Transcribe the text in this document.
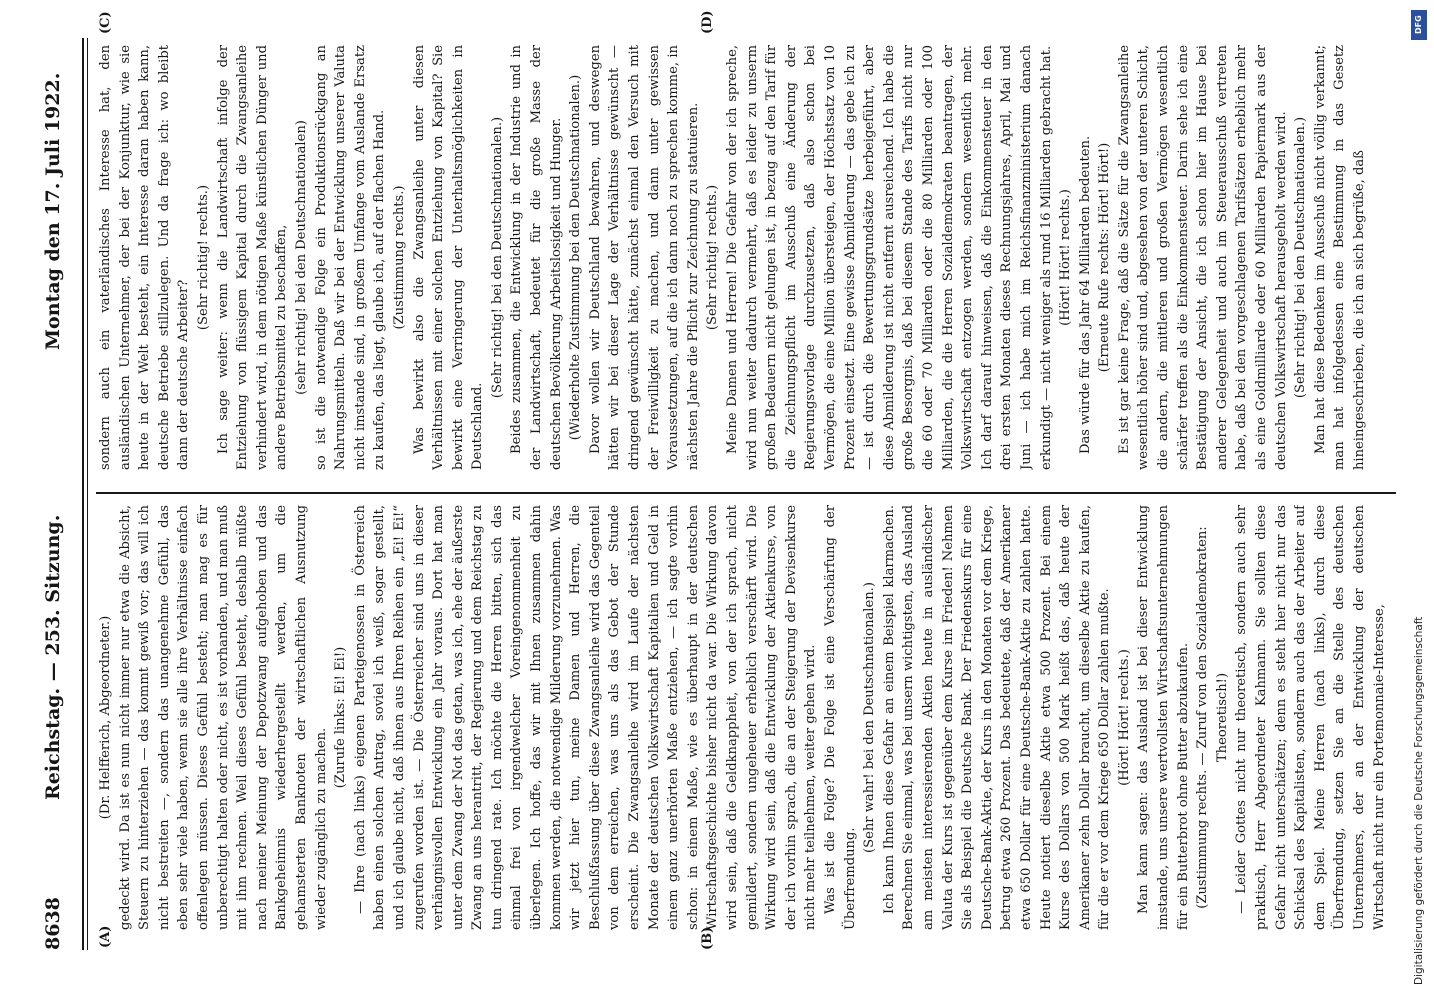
8638
Reichstag. — 253. Sitzung.
Montag den 17. Juli 1922.
(A)	(B)
(C)	(D)

(Dr. Helfferich, Abgeordneter.) gedeckt wird. Da ist es nun nicht immer nur etwa die Absicht, Steuern zu hinterziehen — das kommt gewiß vor; das will ich nicht bestreiten —, sondern das unangenehme Gefühl, das eben sehr viele haben, wenn sie alle ihre Verhältnisse einfach offenlegen müssen. Dieses Gefühl besteht; man mag es für unberechtigt halten oder nicht, es ist vorhanden, und man muß mit ihm rechnen. Weil dieses Gefühl besteht, deshalb müßte nach meiner Meinung der Depotzwang aufgehoben und das Bankgeheimnis wiederhergestellt werden, um die gehamsterten Banknoten der wirtschaftlichen Ausnutzung wieder zugänglich zu machen.

(Zurufe links: Ei! Ei!) — Ihre (nach links) eigenen Parteigenossen in Österreich haben einen solchen Antrag, soviel ich weiß, sogar gestellt, und ich glaube nicht, daß ihnen aus Ihren Reihen ein „Ei! Ei!“ zugerufen worden ist. — Die Österreicher sind uns in dieser verhängnisvollen Entwicklung ein Jahr voraus. Dort hat man unter dem Zwang der Not das getan, was ich, ehe der äußerste Zwang an uns herantritt, der Regierung und dem Reichstag zu tun dringend rate. Ich möchte die Herren bitten, sich das einmal frei von irgendwelcher Voreingenommenheit zu überlegen. Ich hoffe, das wir mit Ihnen zusammen dahin kommen werden, die notwendige Milderung vorzunehmen. Was wir jetzt hier tun, meine Damen und Herren, die Beschlußfassung über diese Zwangsanleihe wird das Gegenteil von dem erreichen, was uns als das Gebot der Stunde erscheint. Die Zwangsanleihe wird im Laufe der nächsten Monate der deutschen Volkswirtschaft Kapitalien und Geld in einem ganz unerhörten Maße entziehen, — ich sagte vorhin schon: in einem Maße, wie es überhaupt in der deutschen Wirtschaftsgeschichte bisher nicht da war. Die Wirkung davon wird sein, daß die Geldknappheit, von der ich sprach, nicht gemildert, sondern ungeheuer erheblich verschärft wird. Die Wirkung wird sein, daß die Entwicklung der Aktienkurse, von der ich vorhin sprach, die an der Steigerung der Devisenkurse nicht mehr teilnehmen, weiter gehen wird. Was ist die Folge? Die Folge ist eine Verschärfung der Überfremdung.

(Sehr wahr! bei den Deutschnationalen.) Ich kann Ihnen diese Gefahr an einem Beispiel klarmachen. Berechnen Sie einmal, was bei unsern wichtigsten, das Ausland am meisten interessierenden Aktien heute in ausländischer Valuta der Kurs ist gegenüber dem Kurse im Frieden! Nehmen Sie als Beispiel die Deutsche Bank. Der Friedenskurs für eine Deutsche-Bank-Aktie, der Kurs in den Monaten vor dem Kriege, betrug etwa 260 Prozent. Das bedeutete, daß der Amerikaner etwa 650 Dollar für eine Deutsche-Bank-Aktie zu zahlen hatte. Heute notiert dieselbe Aktie etwa 500 Prozent. Bei einem Kurse des Dollars von 500 Mark heißt das, daß heute der Amerikaner zehn Dollar braucht, um dieselbe Aktie zu kaufen, für die er vor dem Kriege 650 Dollar zahlen mußte. (Hört! Hört! rechts.) Man kann sagen: das Ausland ist bei dieser Entwicklung imstande, uns unsere wertvollsten Wirtschaftsunternehmungen für ein Butterbrot ohne Butter abzukaufen. (Zustimmung rechts. — Zuruf von den Sozialdemokraten: Theoretisch!) — Leider Gottes nicht nur theoretisch, sondern auch sehr praktisch, Herr Abgeordneter Kahmann. Sie sollten diese Gefahr nicht unterschätzen; denn es steht hier nicht nur das Schicksal des Kapitalisten, sondern auch das der Arbeiter auf dem Spiel. Meine Herren (nach links), durch diese Überfremdung, setzen Sie an die Stelle des deutschen Unternehmers, der an der Entwicklung der deutschen Wirtschaft nicht nur ein Portemonnaie-Interesse,

sondern auch ein vaterländisches Interesse hat, den ausländischen Unternehmer, der bei der Konjunktur, wie sie heute in der Welt besteht, ein Interesse daran haben kann, deutsche Betriebe stillzulegen. Und da frage ich: wo bleibt dann der deutsche Arbeiter?

(Sehr richtig! rechts.) Ich sage weiter: wenn die Landwirtschaft infolge der Entziehung von flüssigem Kapital durch die Zwangsanleihe verhindert wird, in dem nötigen Maße künstlichen Dünger und andere Betriebsmittel zu beschaffen, (sehr richtig! bei den Deutschnationalen) so ist die notwendige Folge ein Produktionsrückgang an Nahrungsmitteln. Daß wir bei der Entwicklung unserer Valuta nicht imstande sind, in großem Umfange vom Auslande Ersatz zu kaufen, das liegt, glaube ich, auf der flachen Hand. (Zustimmung rechts.) Was bewirkt also die Zwangsanleihe unter diesen Verhältnissen mit einer solchen Entziehung von Kapital? Sie bewirkt eine Verringerung der Unterhaltsmöglichkeiten in Deutschland.

(Sehr richtig! bei den Deutschnationalen.) Beides zusammen, die Entwicklung in der Industrie und in der Landwirtschaft, bedeutet für die große Masse der deutschen Bevölkerung Arbeitslosigkeit und Hunger. (Wiederholte Zustimmung bei den Deutschnationalen.) Davor wollen wir Deutschland bewahren, und deswegen hätten wir bei dieser Lage der Verhältnisse gewünscht — dringend gewünscht hätte, zunächst einmal den Versuch mit der Freiwilligkeit zu machen, und dann unter gewissen Voraussetzungen, auf die ich dann noch zu sprechen komme, in nächsten Jahre die Pflicht zur Zeichnung zu statuieren. (Sehr richtig! rechts.) Meine Damen und Herren! Die Gefahr von der ich spreche, wird nun weiter dadurch vermehrt, daß es leider zu unserm großen Bedauern nicht gelungen ist, in bezug auf den Tarif für die Zeichnungspflicht im Ausschuß eine Änderung der Regierungsvorlage durchzusetzen, daß also schon bei Vermögen, die eine Million übersteigen, der Höchstsatz von 10 Prozent einsetzt. Eine gewisse Abmilderung — das gebe ich zu — ist durch die Bewertungsgrundsätze herbeigeführt, aber diese Abmilderung ist nicht entfernt ausreichend. Ich habe die große Besorgnis, daß bei diesem Stande des Tarifs nicht nur die 60 oder 70 Milliarden oder die 80 Milliarden oder 100 Milliarden, die die Herren Sozialdemokraten beantragen, der Volkswirtschaft entzogen werden, sondern wesentlich mehr. Ich darf darauf hinweisen, daß die Einkommensteuer in den drei ersten Monaten dieses Rechnungsjahres, April, Mai und Juni — ich habe mich im Reichsfinanzministerium danach erkundigt — nicht weniger als rund 16 Milliarden gebracht hat. (Hört! Hört! rechts.) Das würde für das Jahr 64 Milliarden bedeuten. (Erneute Rufe rechts: Hört! Hört!) Es ist gar keine Frage, daß die Sätze für die Zwangsanleihe wesentlich höher sind und, abgesehen von der unteren Schicht, die andern, die mittleren und großen Vermögen wesentlich schärfer treffen als die Einkommensteuer. Darin sehe ich eine Bestätigung der Ansicht, die ich schon hier im Hause bei anderer Gelegenheit und auch im Steuerausschuß vertreten habe, daß bei den vorgeschlagenen Tarifsätzen erheblich mehr als eine Goldmilliarde oder 60 Milliarden Papiermark aus der deutschen Volkswirtschaft herausgeholt werden wird. (Sehr richtig! bei den Deutschnationalen.) Man hat diese Bedenken im Ausschuß nicht völlig verkannt; man hat infolgedessen eine Bestimmung in das Gesetz hineingeschrieben, die ich an sich begrüße, daß

DFG
Digitalisierung gefördert durch die Deutsche Forschungsgemeinschaft
